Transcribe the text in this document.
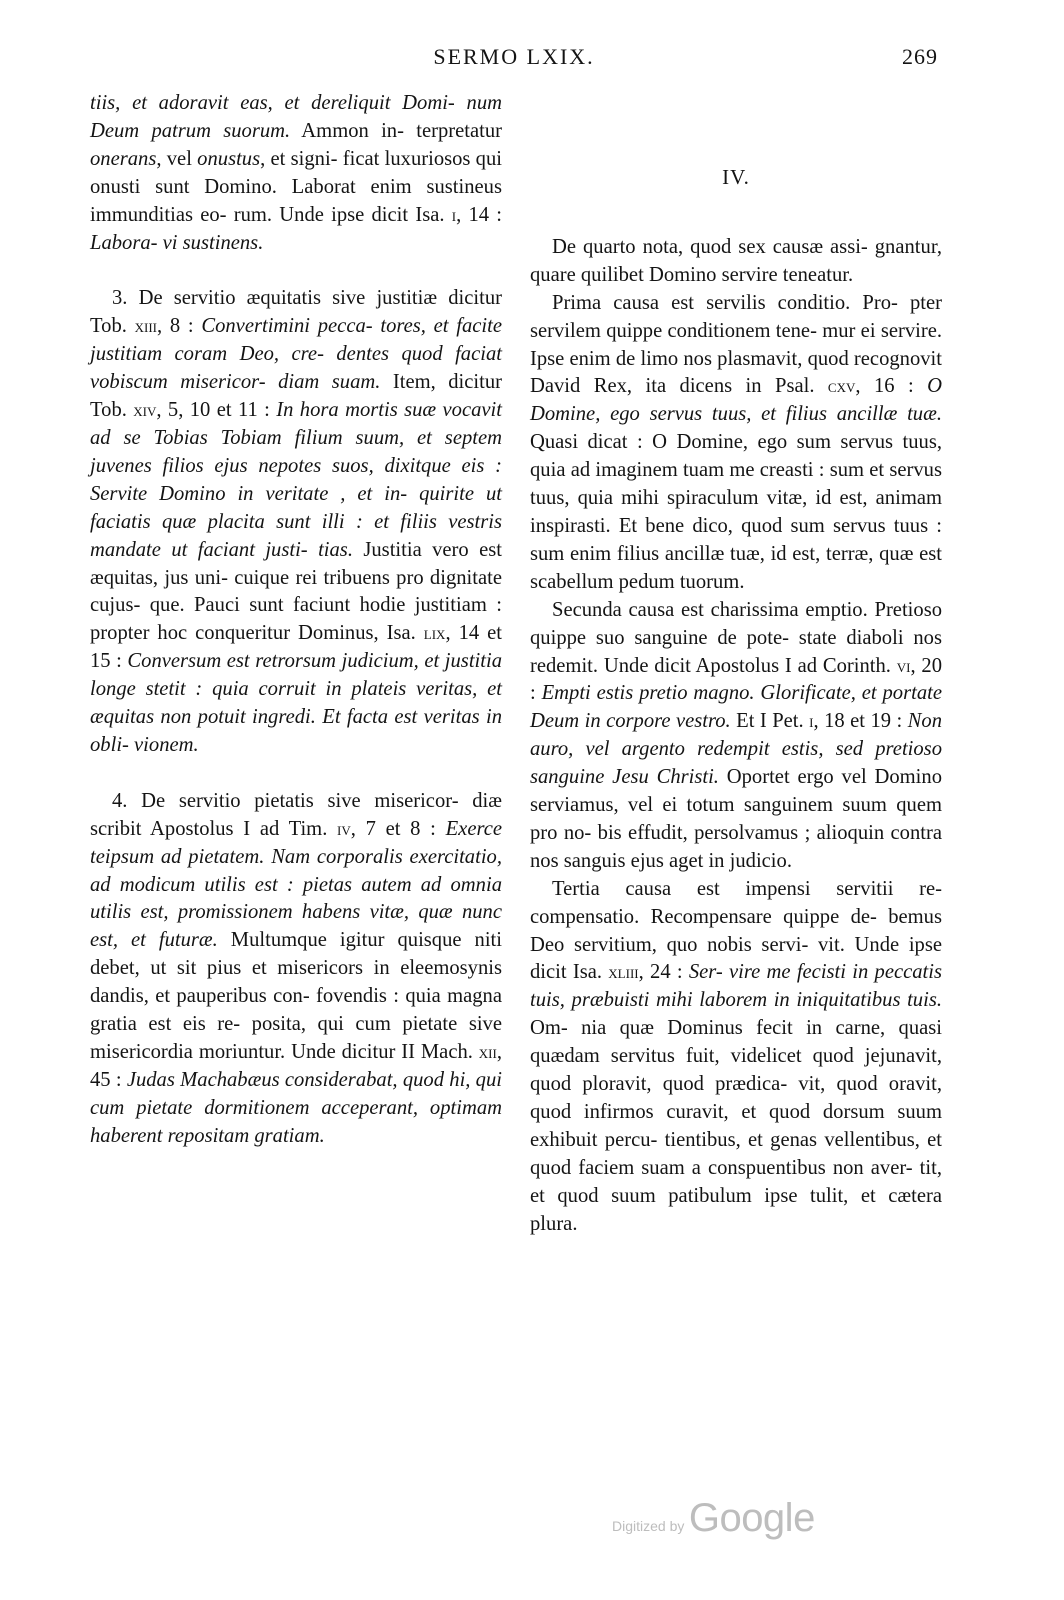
SERMO LXIX.	269

tiis, et adoravit eas, et dereliquit Domi- num Deum patrum suorum. Ammon in- terpretatur onerans, vel onustus, et signi- ficat luxuriosos qui onusti sunt Domino. Laborat enim sustineus immunditias eo- rum. Unde ipse dicit Isa. i, 14 : Labora- vi sustinens.

3. De servitio æquitatis sive justitiæ dicitur Tob. xiii, 8 : Convertimini pecca- tores, et facite justitiam coram Deo, cre- dentes quod faciat vobiscum misericor- diam suam. Item, dicitur Tob. xiv, 5, 10 et 11 : In hora mortis suæ vocavit ad se Tobias Tobiam filium suum, et septem juvenes filios ejus nepotes suos, dixitque eis : Servite Domino in veritate , et in- quirite ut faciatis quæ placita sunt illi : et filiis vestris mandate ut faciant justi- tias. Justitia vero est æquitas, jus uni- cuique rei tribuens pro dignitate cujus- que. Pauci sunt faciunt hodie justitiam : propter hoc conqueritur Dominus, Isa. lix, 14 et 15 : Conversum est retrorsum judicium, et justitia longe stetit : quia corruit in plateis veritas, et æquitas non potuit ingredi. Et facta est veritas in obli- vionem.

4. De servitio pietatis sive misericor- diæ scribit Apostolus I ad Tim. iv, 7 et 8 : Exerce teipsum ad pietatem. Nam corporalis exercitatio, ad modicum utilis est : pietas autem ad omnia utilis est, promissionem habens vitæ, quæ nunc est, et futuræ. Multumque igitur quisque niti debet, ut sit pius et misericors in eleemosynis dandis, et pauperibus con- fovendis : quia magna gratia est eis re- posita, qui cum pietate sive misericordia moriuntur. Unde dicitur II Mach. xii, 45 : Judas Machabæus considerabat, quod hi, qui cum pietate dormitionem acceperant, optimam haberent repositam gratiam.

IV.

De quarto nota, quod sex causæ assi- gnantur, quare quilibet Domino servire teneatur.

Prima causa est servilis conditio. Pro- pter servilem quippe conditionem tene- mur ei servire. Ipse enim de limo nos plasmavit, quod recognovit David Rex, ita dicens in Psal. cxv, 16 : O Domine, ego servus tuus, et filius ancillæ tuæ. Quasi dicat : O Domine, ego sum servus tuus, quia ad imaginem tuam me creasti : sum et servus tuus, quia mihi spiraculum vitæ, id est, animam inspirasti. Et bene dico, quod sum servus tuus : sum enim filius ancillæ tuæ, id est, terræ, quæ est scabellum pedum tuorum.

Secunda causa est charissima emptio. Pretioso quippe suo sanguine de pote- state diaboli nos redemit. Unde dicit Apostolus I ad Corinth. vi, 20 : Empti estis pretio magno. Glorificate, et portate Deum in corpore vestro. Et I Pet. i, 18 et 19 : Non auro, vel argento redempit estis, sed pretioso sanguine Jesu Christi. Oportet ergo vel Domino serviamus, vel ei totum sanguinem suum quem pro no- bis effudit, persolvamus ; alioquin contra nos sanguis ejus aget in judicio.

Tertia causa est impensi servitii re- compensatio. Recompensare quippe de- bemus Deo servitium, quo nobis servi- vit. Unde ipse dicit Isa. xliii, 24 : Ser- vire me fecisti in peccatis tuis, præbuisti mihi laborem in iniquitatibus tuis. Om- nia quæ Dominus fecit in carne, quasi quædam servitus fuit, videlicet quod jejunavit, quod ploravit, quod prædica- vit, quod oravit, quod infirmos curavit, et quod dorsum suum exhibuit percu- tientibus, et genas vellentibus, et quod faciem suam a conspuentibus non aver- tit, et quod suum patibulum ipse tulit, et cætera plura.

Digitized by Google
